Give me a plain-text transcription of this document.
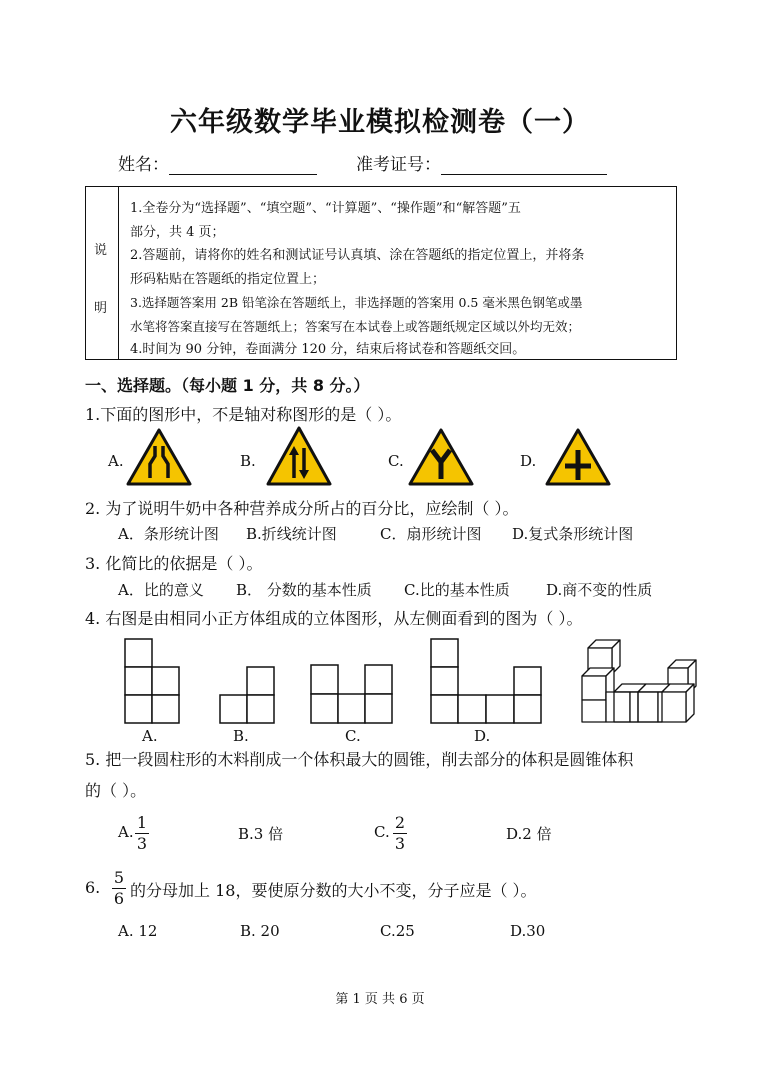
六年级数学毕业模拟检测卷（一）
姓名：	准考证号：
说
明
1.全卷分为“选择题”、“填空题”、“计算题”、“操作题”和“解答题”五
部分，共 4 页；
2.答题前，请将你的姓名和测试证号认真填、涂在答题纸的指定位置上，并将条
形码粘贴在答题纸的指定位置上；
3.选择题答案用 2B 铅笔涂在答题纸上，非选择题的答案用 0.5 毫米黑色钢笔或墨
水笔将答案直接写在答题纸上；答案写在本试卷上或答题纸规定区域以外均无效；
4.时间为 90 分钟，卷面满分 120 分，结束后将试卷和答题纸交回。
一、选择题。（每小题 1 分，共 8 分。）
1.下面的图形中，不是轴对称图形的是（ ）。
A.	B.	C.	D.
2. 为了说明牛奶中各种营养成分所占的百分比，应绘制（ ）。
A．条形统计图 B.折线统计图	C．扇形统计图 D.复式条形统计图
3. 化简比的依据是（ ）。
A．比的意义 B． 分数的基本性质 C.比的基本性质 D.商不变的性质
4. 右图是由相同小正方体组成的立体图形，从左侧面看到的图为（ ）。
A.	B.	C.	D.
5. 把一段圆柱形的木料削成一个体积最大的圆锥，削去部分的体积是圆锥体积
的（ ）。
A. 1
3	B.3 倍	C. 2
3	D.2 倍
6.
5
6 的分母加上 18，要使原分数的大小不变，分子应是（ ）。
A. 12	B. 20	C.25	D.30
第 1 页 共 6 页
